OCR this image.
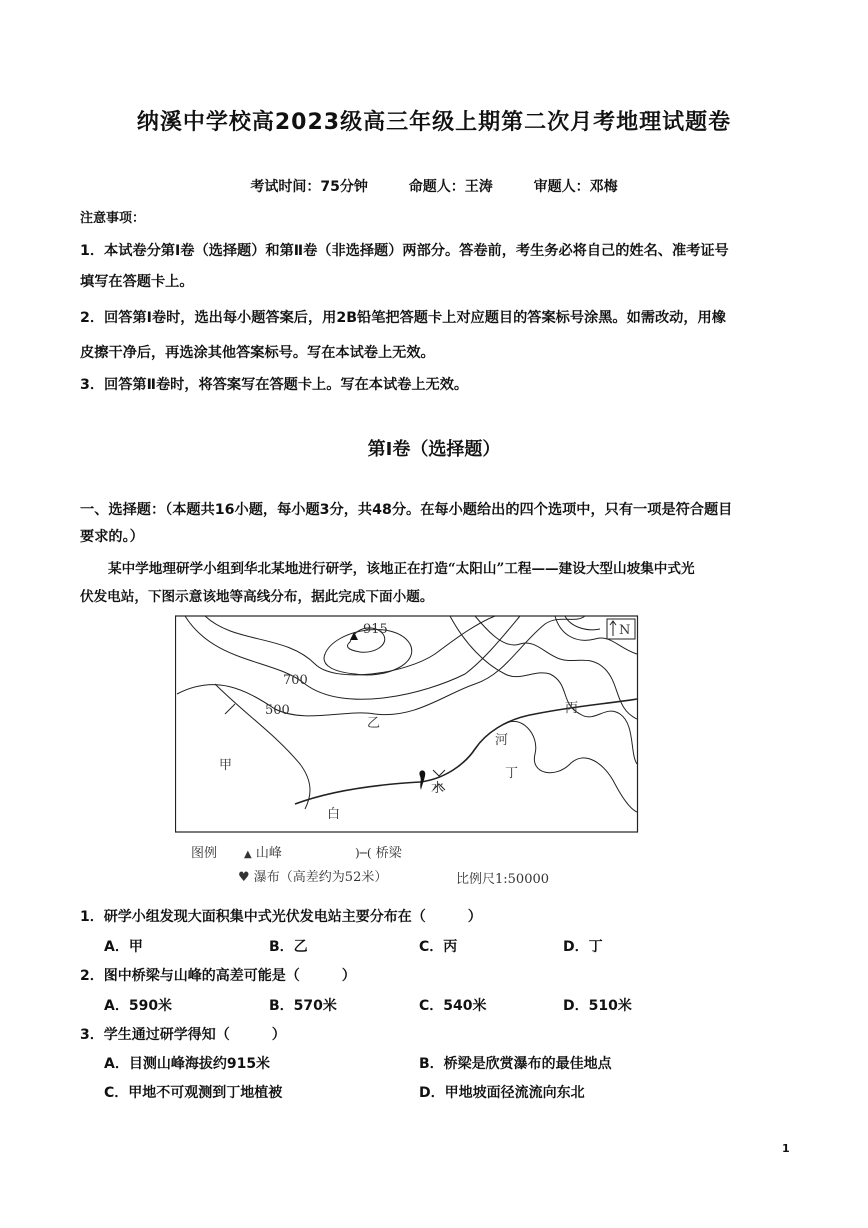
纳溪中学校高2023级高三年级上期第二次月考地理试题卷
考试时间：75分钟	命题人：王涛	审题人：邓梅
注意事项：
1．本试卷分第Ⅰ卷（选择题）和第Ⅱ卷（非选择题）两部分。答卷前，考生务必将自己的姓名、准考证号
填写在答题卡上。
2．回答第Ⅰ卷时，选出每小题答案后，用2B铅笔把答题卡上对应题目的答案标号涂黑。如需改动，用橡
皮擦干净后，再选涂其他答案标号。写在本试卷上无效。
3．回答第Ⅱ卷时，将答案写在答题卡上。写在本试卷上无效。
第Ⅰ卷（选择题）
一、选择题：（本题共16小题，每小题3分，共48分。在每小题给出的四个选项中，只有一项是符合题目
要求的。）
某中学地理研学小组到华北某地进行研学，该地正在打造“太阳山”工程——建设大型山坡集中式光
伏发电站，下图示意该地等高线分布，据此完成下面小题。
915
700
500
甲
乙
丙
丁
白
河
水
N
图例	▲ 山峰	)─( 桥梁
♥ 瀑布（高差约为52米）	比例尺1:50000
1．研学小组发现大面积集中式光伏发电站主要分布在（　　　）
A．甲	B．乙	C．丙	D．丁
2．图中桥梁与山峰的高差可能是（　　　）
A．590米	B．570米	C．540米	D．510米
3．学生通过研学得知（　　　）
A．目测山峰海拔约915米	B．桥梁是欣赏瀑布的最佳地点
C．甲地不可观测到丁地植被	D．甲地坡面径流流向东北
1
